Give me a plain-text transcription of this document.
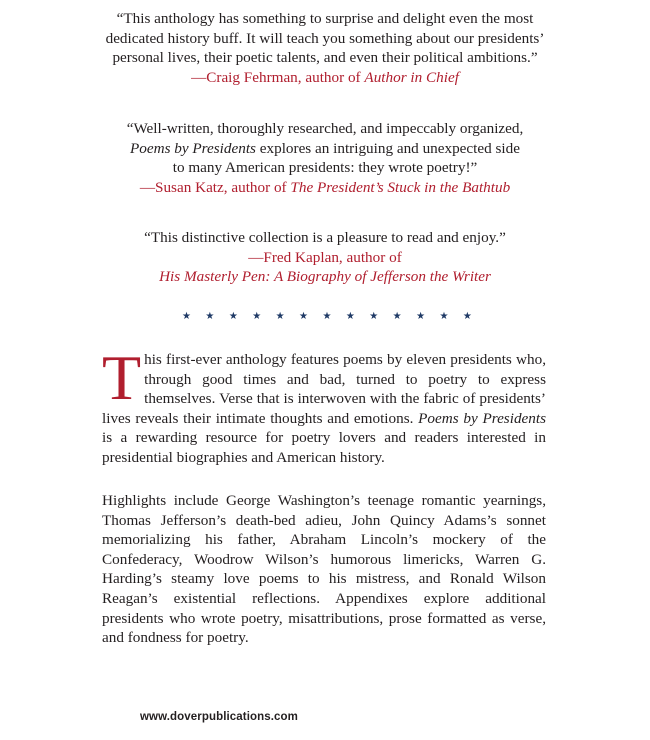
“This anthology has something to surprise and delight even the most

dedicated history buff. It will teach you something about our presidents’

personal lives, their poetic talents, and even their political ambitions.”

—Craig Fehrman, author of Author in Chief

“Well-written, thoroughly researched, and impeccably organized,

Poems by Presidents explores an intriguing and unexpected side

to many American presidents: they wrote poetry!”

—Susan Katz, author of The President’s Stuck in the Bathtub

“This distinctive collection is a pleasure to read and enjoy.”

—Fred Kaplan, author of

His Masterly Pen: A Biography of Jefferson the Writer

★ ★ ★ ★ ★ ★ ★ ★ ★ ★ ★ ★ ★

This first-ever anthology features poems by eleven presidents who, through good times and bad, turned to poetry to express themselves. Verse that is interwoven with the fabric of presidents’ lives reveals their intimate thoughts and emotions. Poems by Presidents is a rewarding resource for poetry lovers and readers interested in presidential biographies and American history.

Highlights include George Washington’s teenage romantic yearnings, Thomas Jefferson’s death-bed adieu, John Quincy Adams’s sonnet memorializing his father, Abraham Lincoln’s mockery of the Confederacy, Woodrow Wilson’s humorous limericks, Warren G. Harding’s steamy love poems to his mistress, and Ronald Wilson Reagan’s existential reflections. Appendixes explore additional presidents who wrote poetry, misattributions, prose formatted as verse, and fondness for poetry.

www.doverpublications.com
